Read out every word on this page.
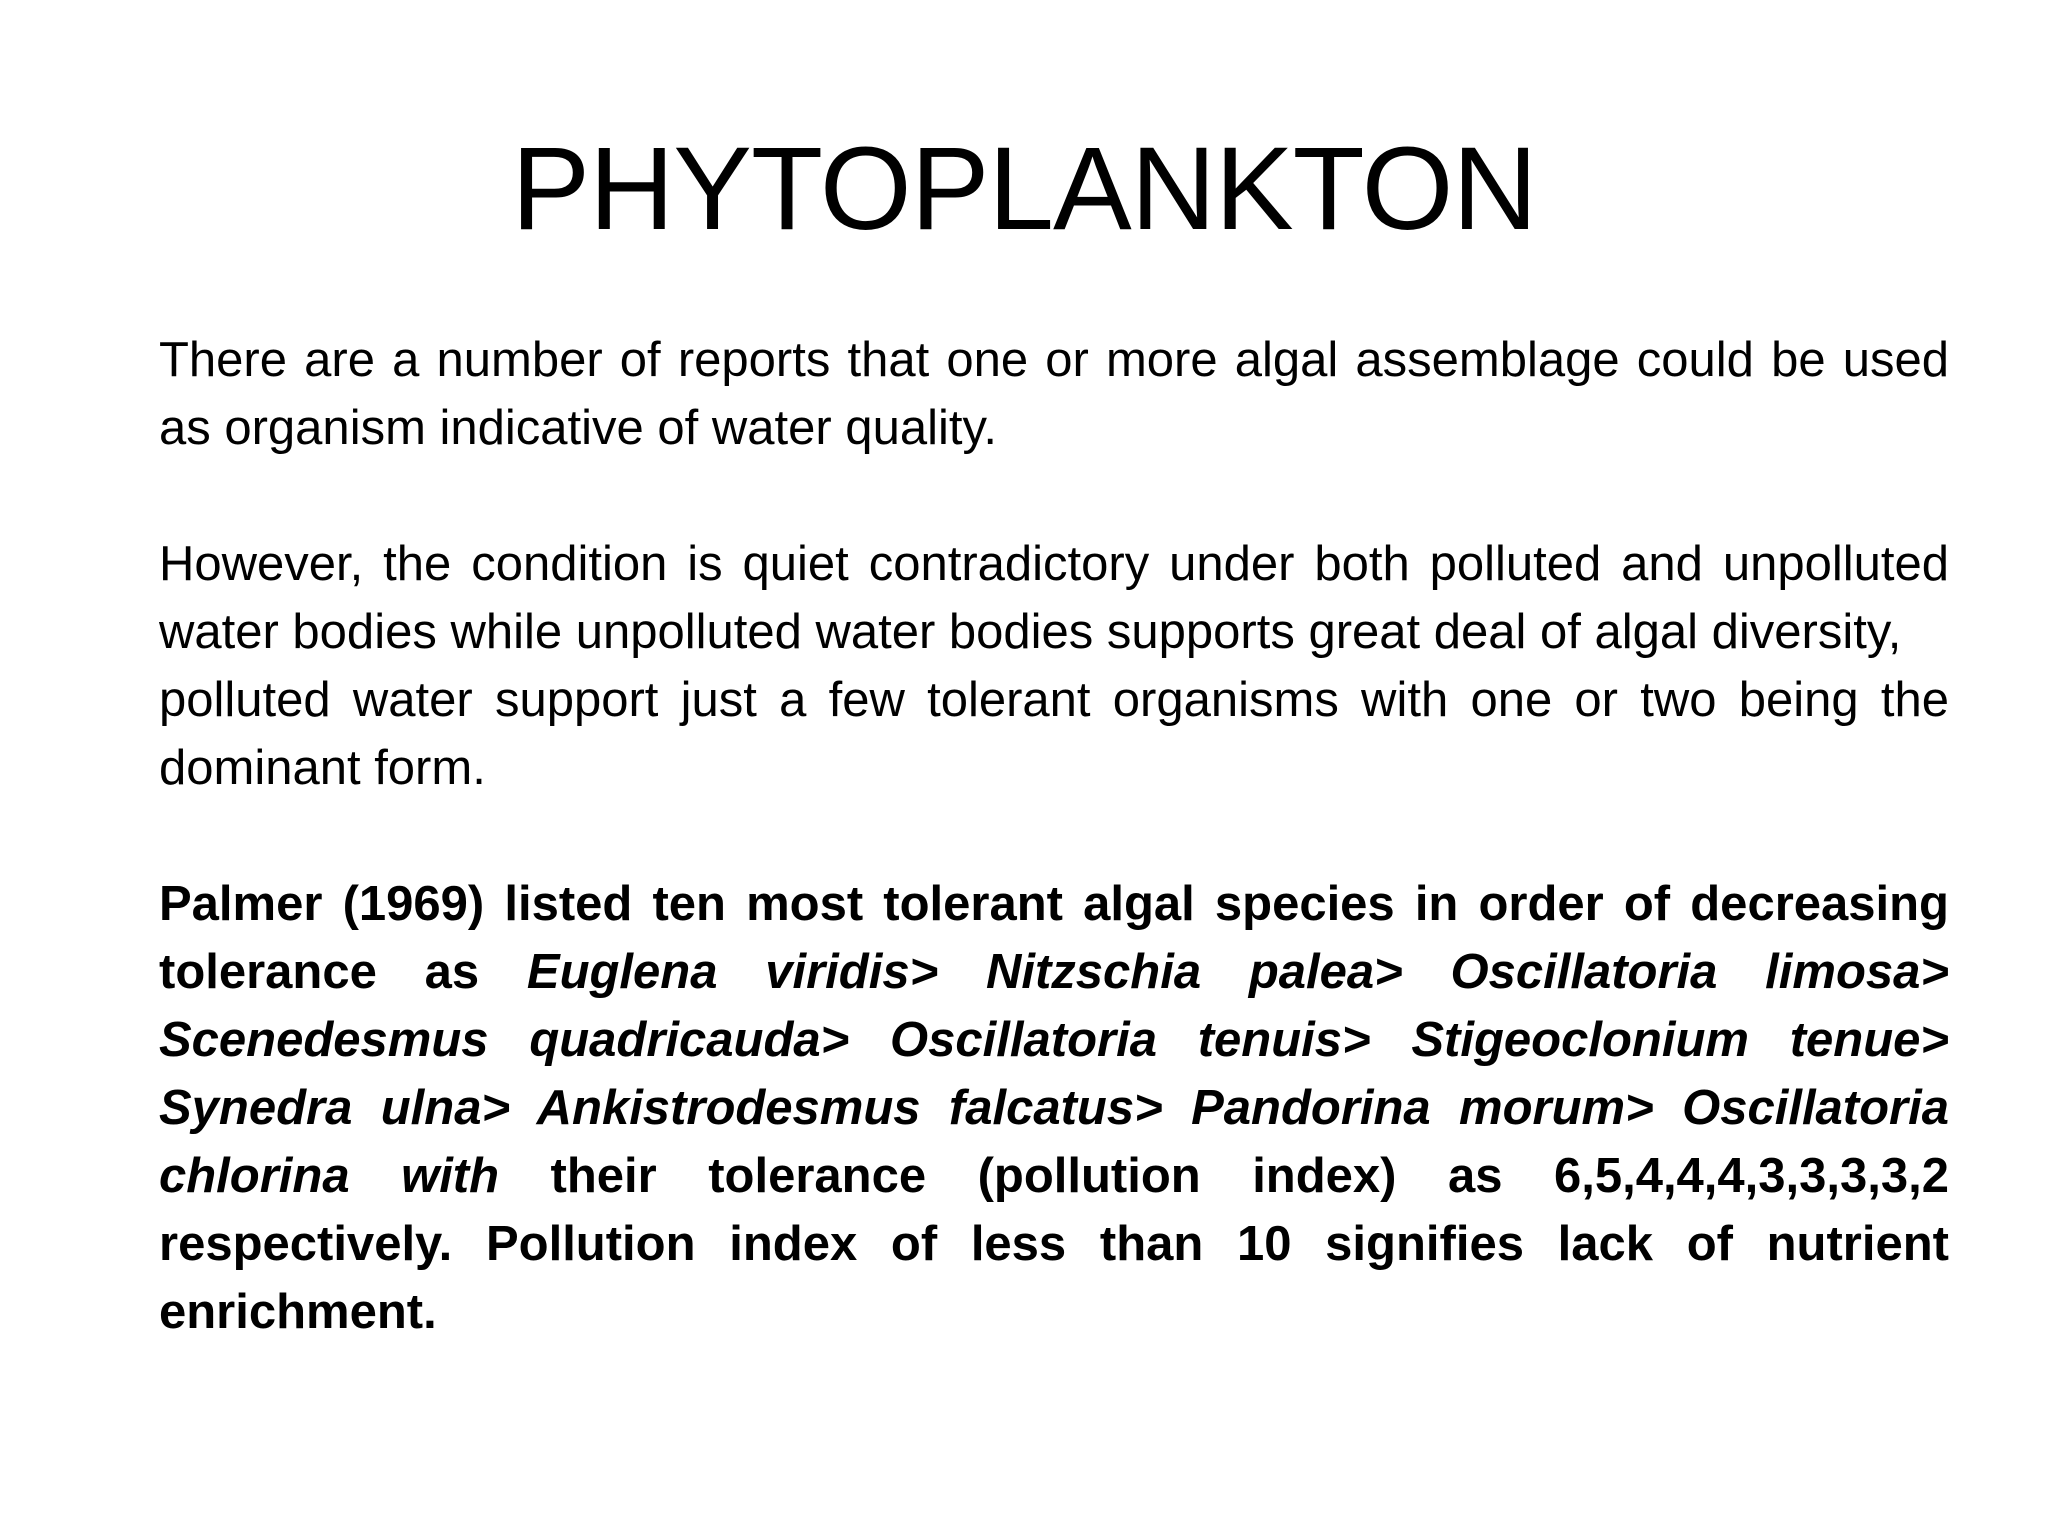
PHYTOPLANKTON

There are a number of reports that one or more algal assemblage could be used as organism indicative of water quality.

However, the condition is quiet contradictory under both polluted and unpolluted water bodies while unpolluted water bodies supports great deal of algal diversity,

polluted water support just a few tolerant organisms with one or two being the dominant form.

Palmer (1969) listed ten most tolerant algal species in order of decreasing tolerance as Euglena viridis> Nitzschia palea> Oscillatoria limosa> Scenedesmus quadricauda> Oscillatoria tenuis> Stigeoclonium tenue> Synedra ulna> Ankistrodesmus falcatus> Pandorina morum> Oscillatoria chlorina with their tolerance (pollution index) as 6,5,4,4,4,3,3,3,3,2 respectively. Pollution index of less than 10 signifies lack of nutrient enrichment.
